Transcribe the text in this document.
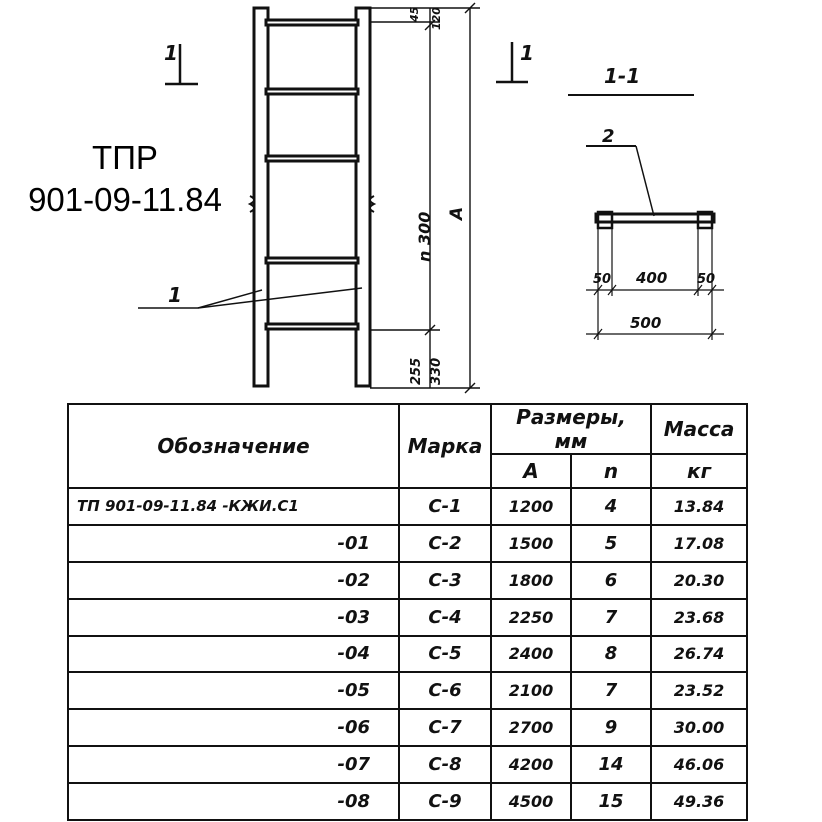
45 120
n 300 A
255 330
1	1
1-1
2
50 400 50
500
1
ТПР
901-09-11.84
Обозначение	Марка	Размеры, мм		Масса
		A	n	кг
ТП 901-09-11.84 -КЖИ.С1	С-1	1200	4	13.84
-01	С-2	1500	5	17.08
-02	С-3	1800	6	20.30
-03	С-4	2250	7	23.68
-04	С-5	2400	8	26.74
-05	С-6	2100	7	23.52
-06	С-7	2700	9	30.00
-07	С-8	4200	14	46.06
-08	С-9	4500	15	49.36
